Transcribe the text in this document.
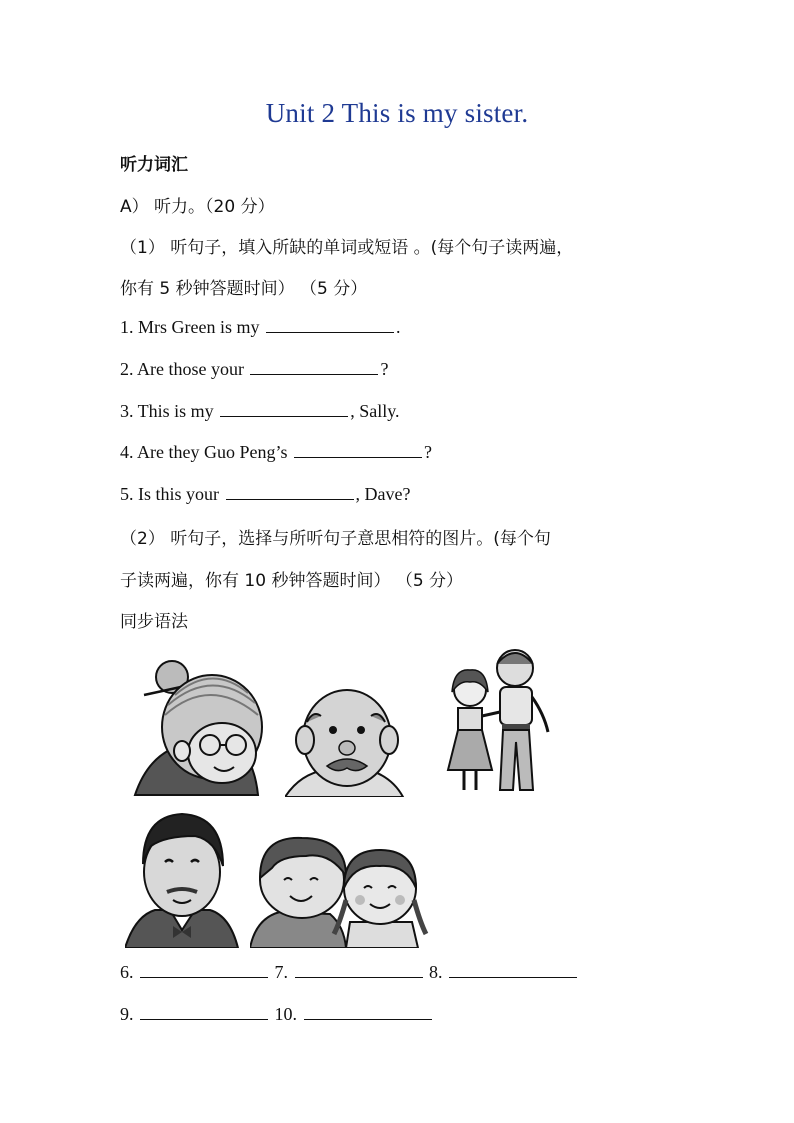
Unit 2 This is my sister.
听力词汇
A） 听力。（20 分）
（1） 听句子，填入所缺的单词或短语 。(每个句子读两遍，
你有 5 秒钟答题时间） （5 分）
1. Mrs Green is my	.
2. Are those your	?
3. This is my	, Sally.
4. Are they Guo Peng’s	?
5. Is this your	, Dave?
（2） 听句子，选择与所听句子意思相符的图片。(每个句
子读两遍，你有 10 秒钟答题时间） （5 分）
同步语法
6.	7.	8.
9.	10.
